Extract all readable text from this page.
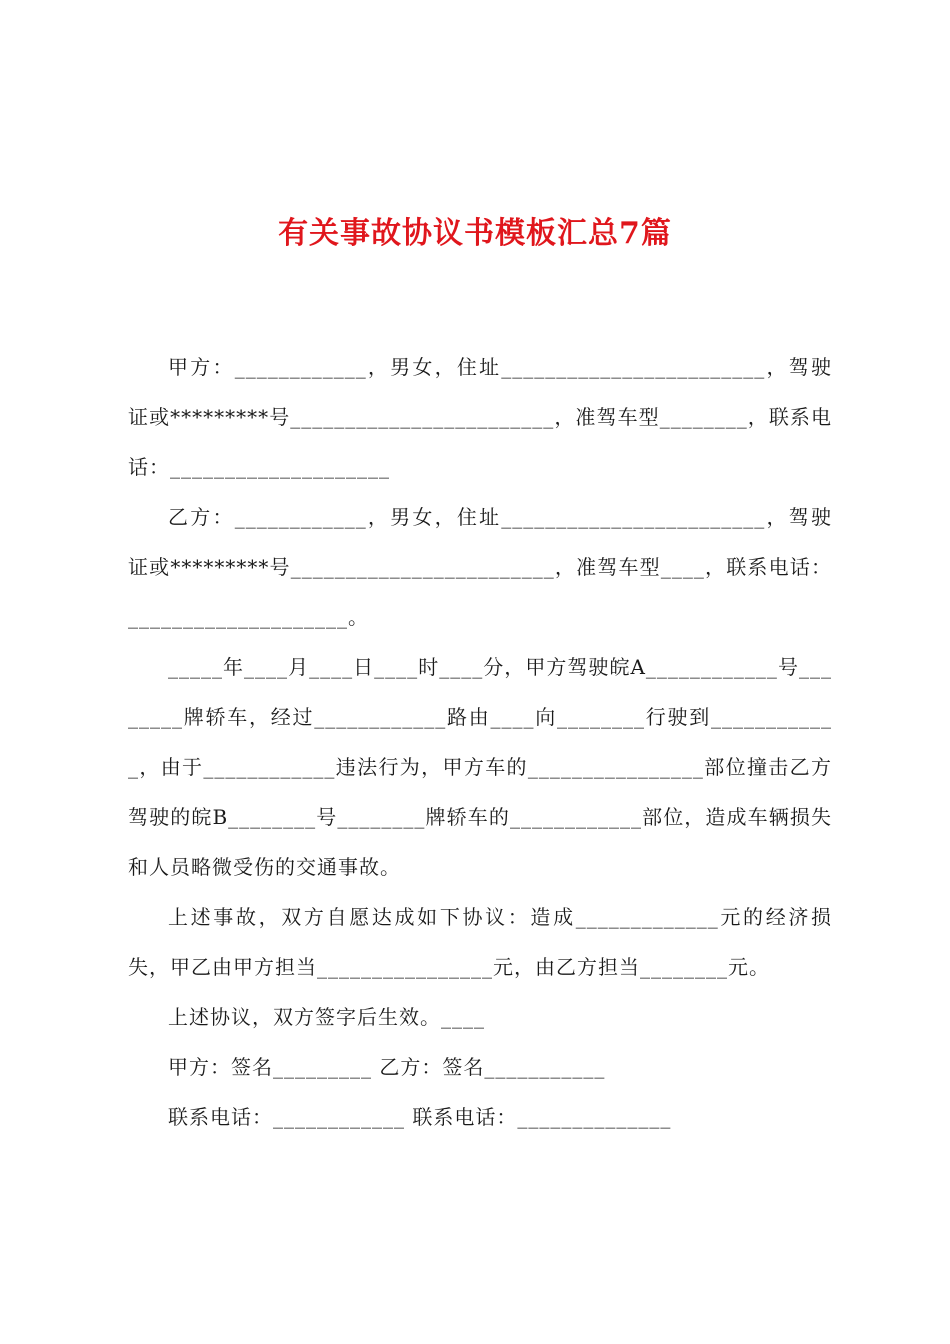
有关事故协议书模板汇总7篇

甲方：____________，男女，住址________________________，驾驶证或*********号________________________，准驾车型________，联系电话：____________________

乙方：____________，男女，住址________________________，驾驶证或*********号________________________，准驾车型____，联系电话：____________________。

_____年____月____日____时____分，甲方驾驶皖A____________号________牌轿车，经过____________路由____向________行驶到____________，由于____________违法行为，甲方车的________________部位撞击乙方驾驶的皖B________号________牌轿车的____________部位，造成车辆损失和人员略微受伤的交通事故。

上述事故，双方自愿达成如下协议：造成_____________元的经济损失，甲乙由甲方担当________________元，由乙方担当________元。

上述协议，双方签字后生效。____

甲方：签名_________ 乙方：签名___________

联系电话：____________ 联系电话：______________
